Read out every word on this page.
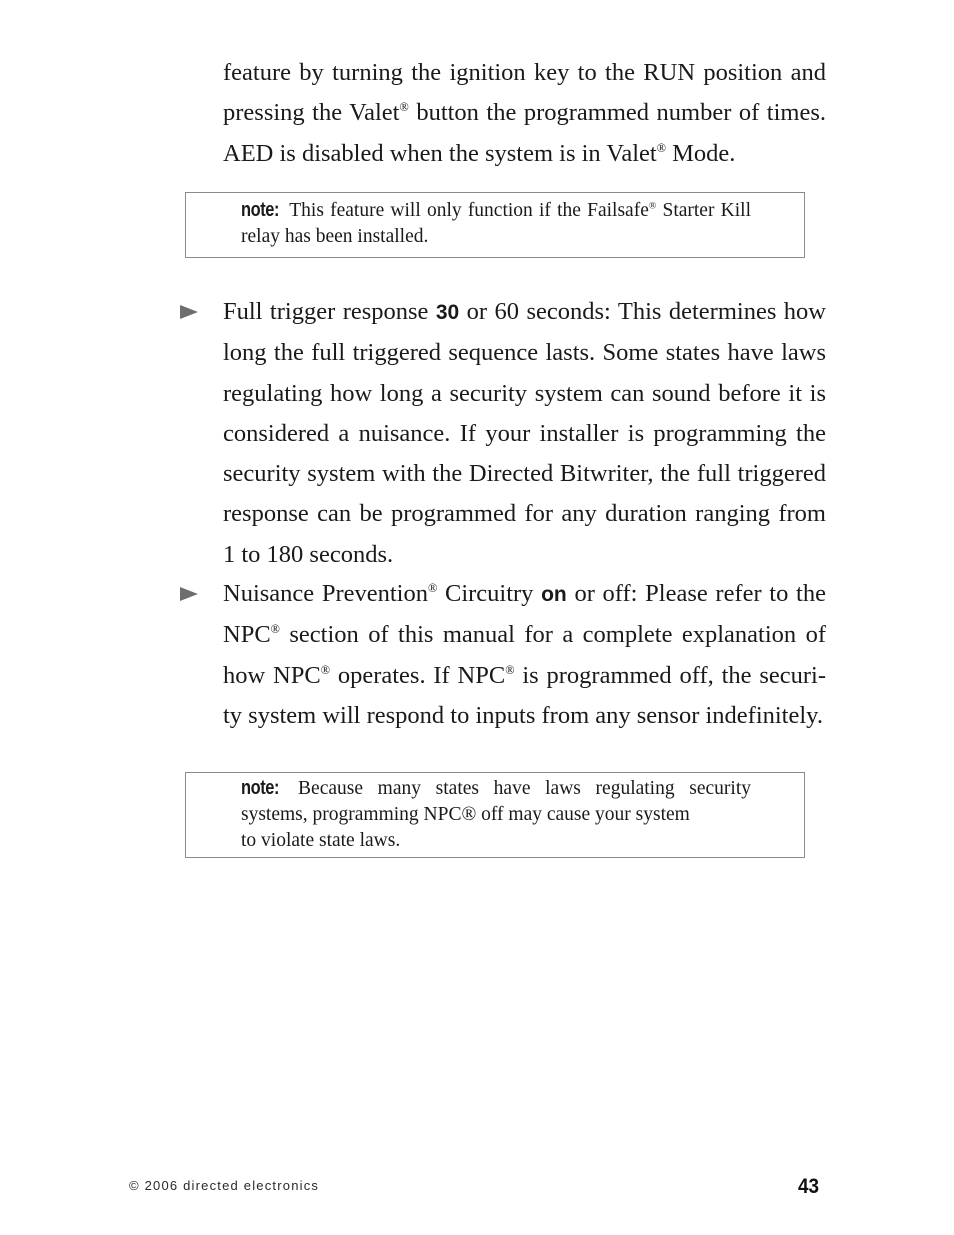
feature by turning the ignition key to the RUN position and pressing the Valet® button the programmed number of times. AED is disabled when the system is in Valet® Mode.
note: This feature will only function if the Failsafe® Starter Kill relay has been installed.
Full trigger response 30 or 60 seconds: This determines how long the full triggered sequence lasts. Some states have laws regulating how long a security system can sound before it is considered a nuisance. If your installer is programming the security system with the Directed Bitwriter, the full triggered response can be programmed for any duration ranging from 1 to 180 seconds.
Nuisance Prevention® Circuitry on or off: Please refer to the NPC® section of this manual for a complete explanation of how NPC® operates. If NPC® is programmed off, the securi-ty system will respond to inputs from any sensor indefinitely.
note: Because many states have laws regulating security
systems, programming NPC® off may cause your system
to violate state laws.
© 2006 directed electronics	43
